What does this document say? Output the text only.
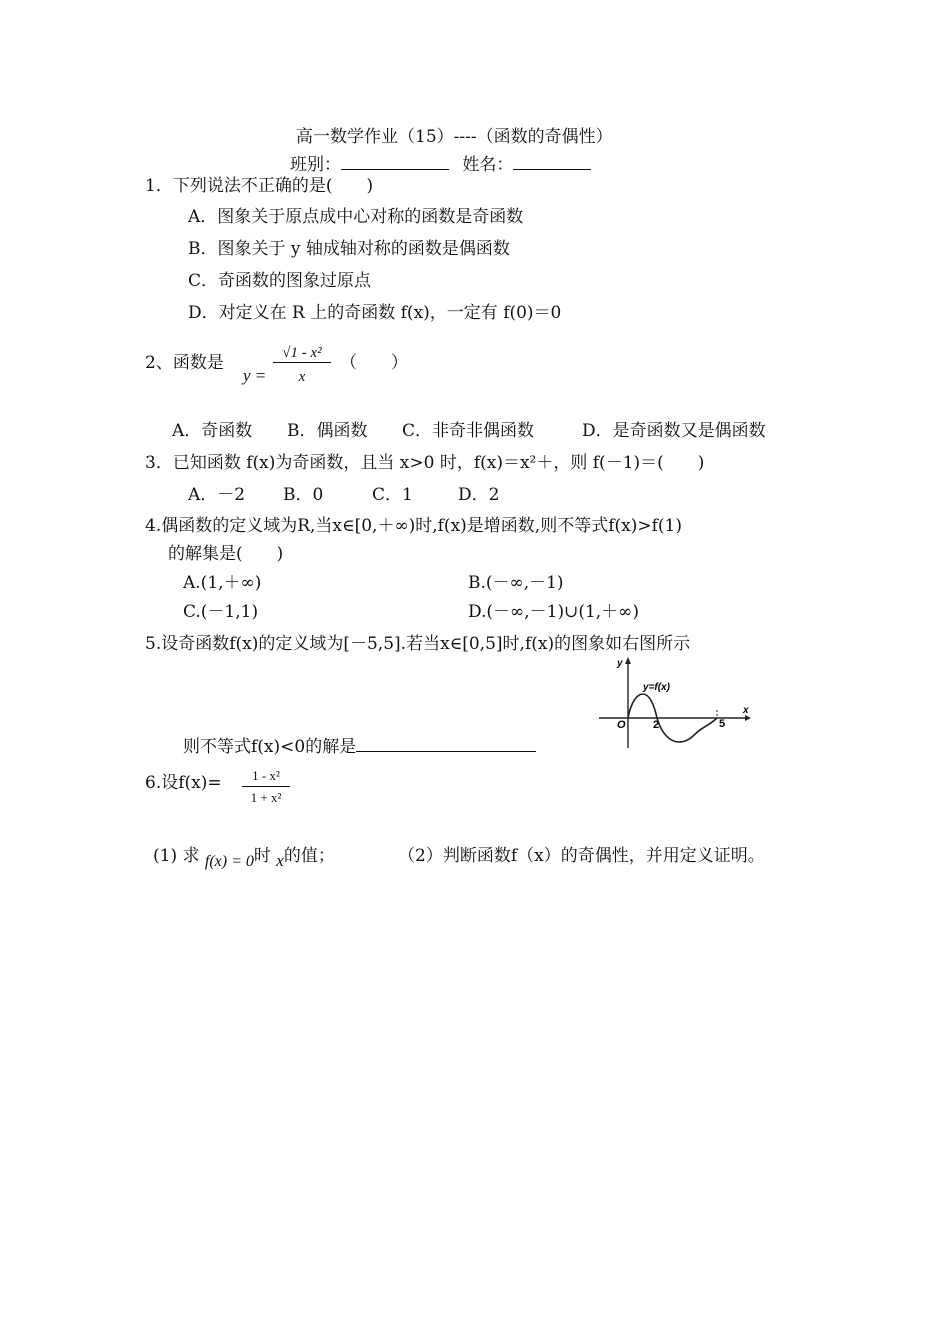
高一数学作业（15）----（函数的奇偶性）
班别：	姓名：
1．下列说法不正确的是(　　)
A．图象关于原点成中心对称的函数是奇函数
B．图象关于 y 轴成轴对称的函数是偶函数
C．奇函数的图象过原点
D．对定义在 R 上的奇函数 f(x)，一定有 f(0)＝0
2、函数是
y =
√1 - x²
x
（　　）
A．奇函数 B．偶函数 C．非奇非偶函数	D．是奇函数又是偶函数
3．已知函数 f(x)为奇函数，且当 x>0 时，f(x)＝x²＋，则 f(－1)＝(　　)
A．－2 B．0	C．1	D．2
4.偶函数的定义域为R,当x∈[0,＋∞)时,f(x)是增函数,则不等式f(x)>f(1)
的解集是(　　)
A.(1,＋∞)	B.(－∞,－1)
C.(－1,1)	D.(－∞,－1)∪(1,＋∞)
5.设奇函数f(x)的定义域为[－5,5].若当x∈[0,5]时,f(x)的图象如右图所示
则不等式f(x)<0的解是
y
x
O
y=f(x)
2	5
6.设f(x)=	1 - x²
1 + x²
(1) 求 f(x) = 0时 x的值；	（2）判断函数f（x）的奇偶性，并用定义证明。
